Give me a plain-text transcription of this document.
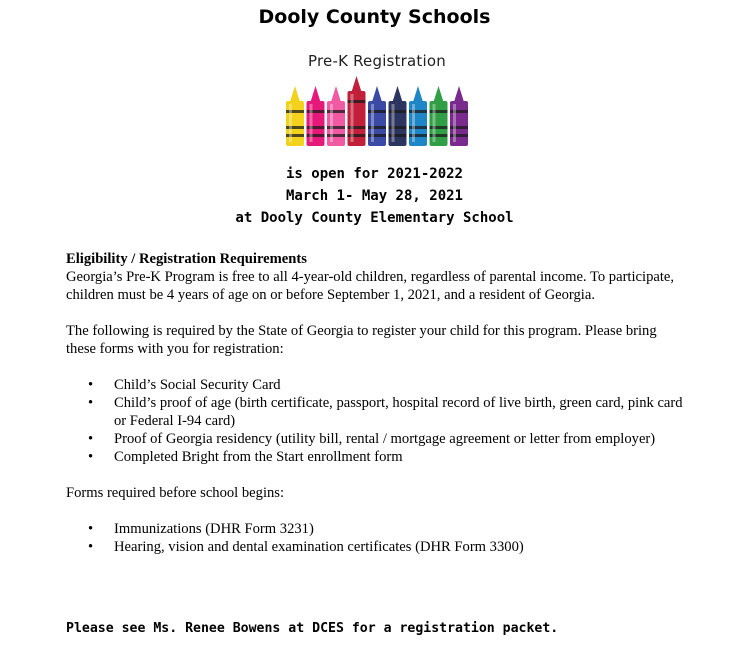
Dooly County Schools
Pre-K Registration
is open for 2021-2022
March 1- May 28, 2021
at Dooly County Elementary School

Eligibility / Registration Requirements

Georgia’s Pre-K Program is free to all 4-year-old children, regardless of parental income. To participate, children must be 4 years of age on or before September 1, 2021, and a resident of Georgia.

The following is required by the State of Georgia to register your child for this program. Please bring these forms with you for registration:

• Child’s Social Security Card
• Child’s proof of age (birth certificate, passport, hospital record of live birth, green card, pink card or Federal I-94 card)
• Proof of Georgia residency (utility bill, rental / mortgage agreement or letter from employer)
• Completed Bright from the Start enrollment form

Forms required before school begins:

• Immunizations (DHR Form 3231)
• Hearing, vision and dental examination certificates (DHR Form 3300)
Please see Ms. Renee Bowens at DCES for a registration packet.
